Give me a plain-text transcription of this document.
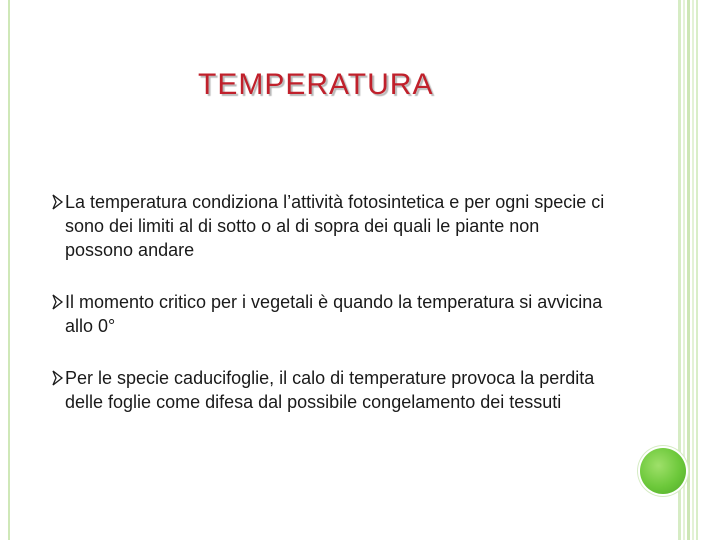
TEMPERATURA
La temperatura condiziona l’attività fotosintetica e per ogni specie ci sono dei limiti al di sotto o al di sopra dei quali le piante non possono andare
Il momento critico per i vegetali è quando la temperatura si avvicina allo 0°
Per le specie caducifoglie, il calo di temperature provoca la perdita delle foglie come difesa dal possibile congelamento dei tessuti
